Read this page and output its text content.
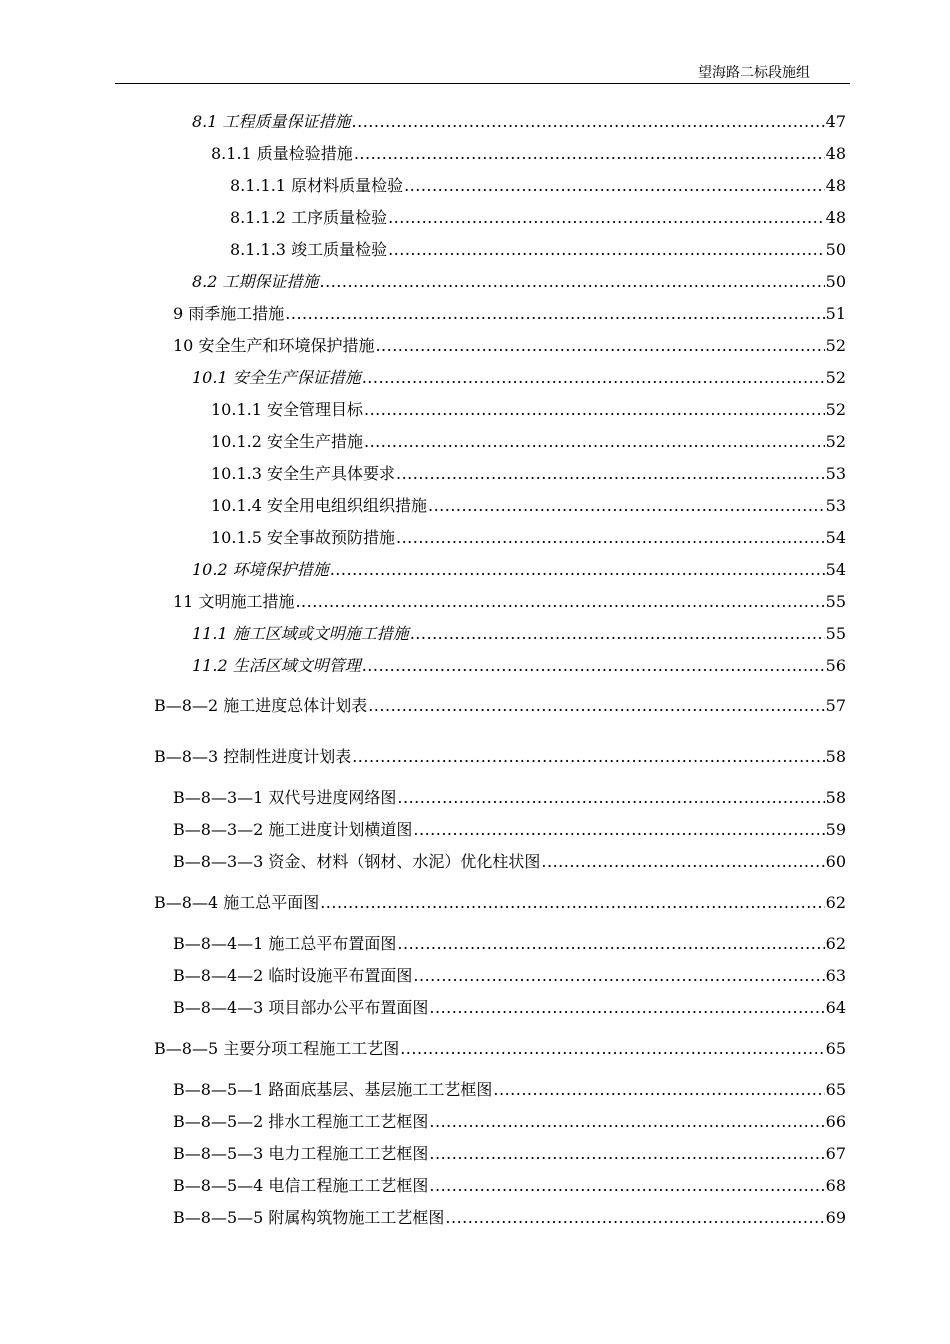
望海路二标段施组
8.1 工程质量保证措施 .....	47
8.1.1 质量检验措施 .....	48
8.1.1.1 原材料质量检验 .....	48
8.1.1.2 工序质量检验 .....	48
8.1.1.3 竣工质量检验 .....	50
8.2 工期保证措施 .....	50
9 雨季施工措施 .....	51
10 安全生产和环境保护措施 .....	52
10.1 安全生产保证措施 .....	52
10.1.1 安全管理目标 .....	52
10.1.2 安全生产措施 .....	52
10.1.3 安全生产具体要求 .....	53
10.1.4 安全用电组织组织措施 .....	53
10.1.5 安全事故预防措施 .....	54
10.2 环境保护措施 .....	54
11 文明施工措施 .....	55
11.1 施工区域或文明施工措施 .....	55
11.2 生活区域文明管理 .....	56
B—8—2 施工进度总体计划表 .....	57
B—8—3 控制性进度计划表 .....	58
B—8—3—1 双代号进度网络图 .....	58
B—8—3—2 施工进度计划横道图 .....	59
B—8—3—3 资金、材料（钢材、水泥）优化柱状图 .....	60
B—8—4 施工总平面图 .....	62
B—8—4—1 施工总平布置面图 .....	62
B—8—4—2 临时设施平布置面图 .....	63
B—8—4—3 项目部办公平布置面图 .....	64
B—8—5 主要分项工程施工工艺图 .....	65
B—8—5—1 路面底基层、基层施工工艺框图 .....	65
B—8—5—2 排水工程施工工艺框图 .....	66
B—8—5—3 电力工程施工工艺框图 .....	67
B—8—5—4 电信工程施工工艺框图 .....	68
B—8—5—5 附属构筑物施工工艺框图 .....	69
